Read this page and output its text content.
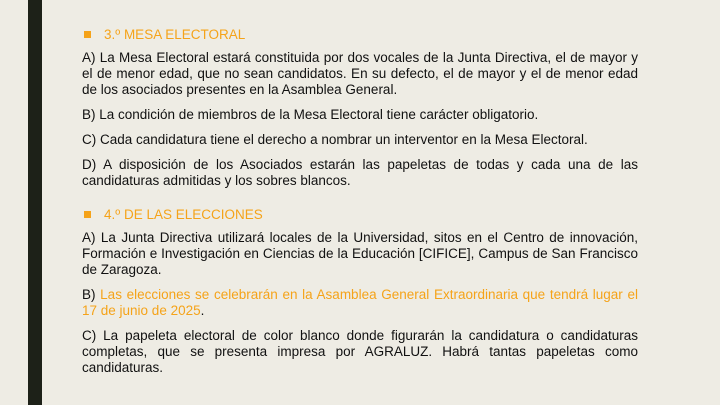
3.º MESA ELECTORAL

A) La Mesa Electoral estará constituida por dos vocales de la Junta Directiva, el de mayor y el de menor edad, que no sean candidatos. En su defecto, el de mayor y el de menor edad de los asociados presentes en la Asamblea General.

B) La condición de miembros de la Mesa Electoral tiene carácter obligatorio.

C) Cada candidatura tiene el derecho a nombrar un interventor en la Mesa Electoral.

D) A disposición de los Asociados estarán las papeletas de todas y cada una de las candidaturas admitidas y los sobres blancos.

4.º DE LAS ELECCIONES

A) La Junta Directiva utilizará locales de la Universidad, sitos en el Centro de innovación, Formación e Investigación en Ciencias de la Educación [CIFICE], Campus de San Francisco de Zaragoza.

B) Las elecciones se celebrarán en la Asamblea General Extraordinaria que tendrá lugar el 17 de junio de 2025.

C) La papeleta electoral de color blanco donde figurarán la candidatura o candidaturas completas, que se presenta impresa por AGRALUZ. Habrá tantas papeletas como candidaturas.
